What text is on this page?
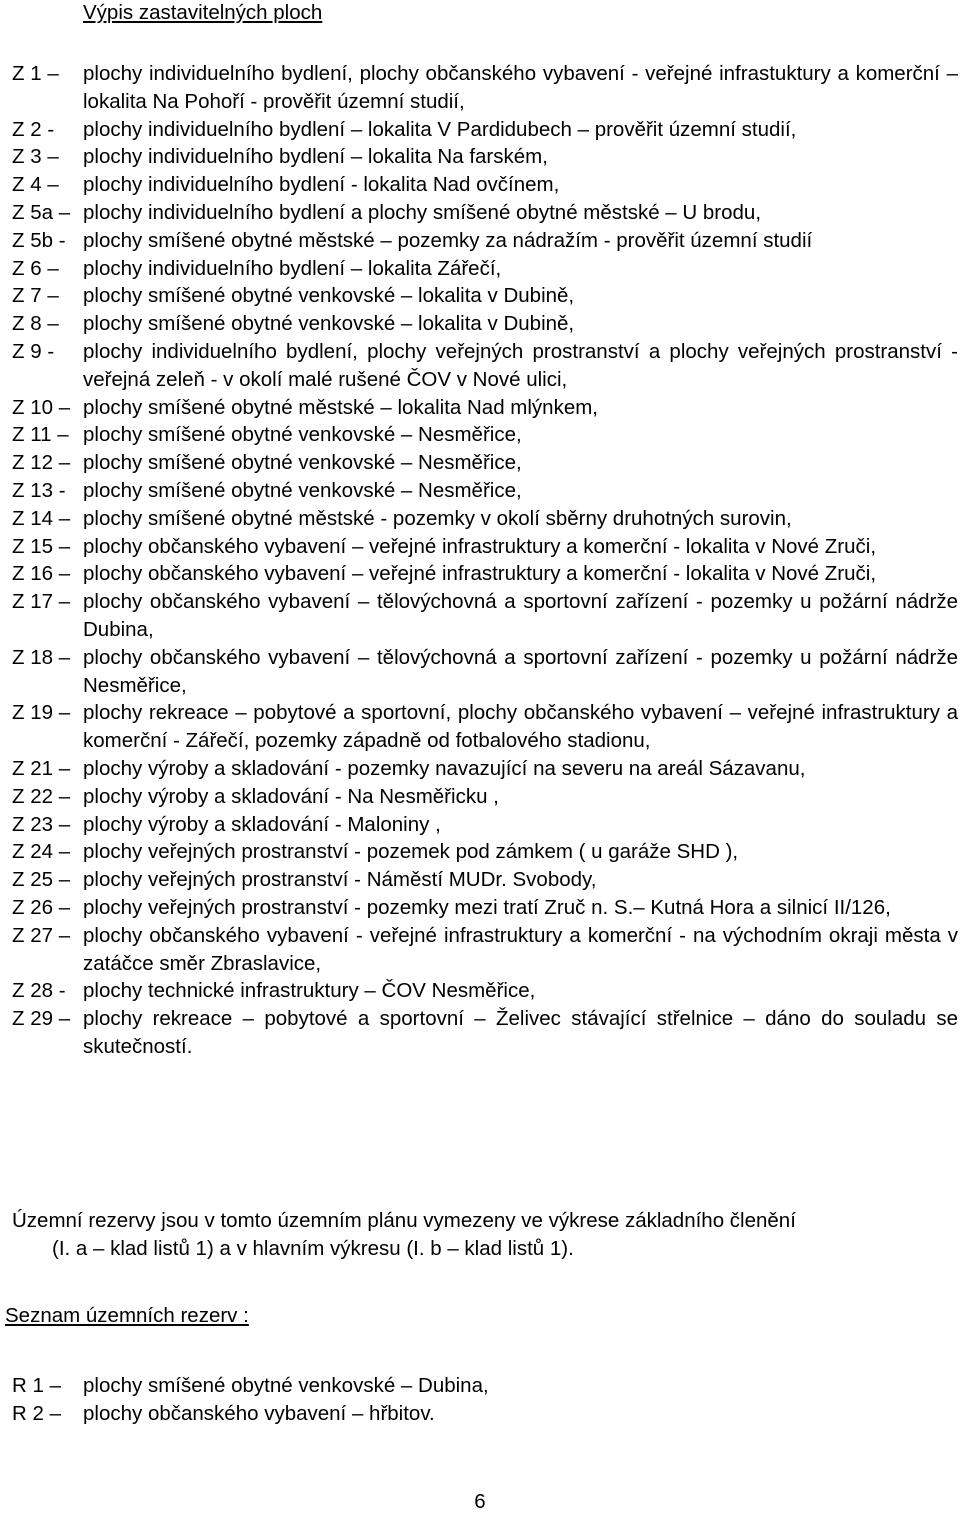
Výpis zastavitelných ploch
Z 1 –	plochy individuelního bydlení, plochy občanského vybavení - veřejné infrastuktury a komerční – lokalita Na Pohoří - prověřit územní studií,
Z 2 -	plochy individuelního bydlení – lokalita V Pardidubech – prověřit územní studií,
Z 3 –	plochy individuelního bydlení – lokalita Na farském,
Z 4 –	plochy individuelního bydlení - lokalita Nad ovčínem,
Z 5a – plochy individuelního bydlení a plochy smíšené obytné městské – U brodu,
Z 5b - plochy smíšené obytné městské – pozemky za nádražím - prověřit územní studií
Z 6 –	plochy individuelního bydlení – lokalita Zářečí,
Z 7 –	plochy smíšené obytné venkovské – lokalita v Dubině,
Z 8 –	plochy smíšené obytné venkovské – lokalita v Dubině,
Z 9 -	plochy individuelního bydlení, plochy veřejných prostranství a plochy veřejných prostranství - veřejná zeleň - v okolí malé rušené ČOV v Nové ulici,
Z 10 – plochy smíšené obytné městské – lokalita Nad mlýnkem,
Z 11 – plochy smíšené obytné venkovské – Nesměřice,
Z 12 – plochy smíšené obytné venkovské – Nesměřice,
Z 13 - plochy smíšené obytné venkovské – Nesměřice,
Z 14 – plochy smíšené obytné městské - pozemky v okolí sběrny druhotných surovin,
Z 15 – plochy občanského vybavení – veřejné infrastruktury a komerční - lokalita v Nové Zruči,
Z 16 – plochy občanského vybavení – veřejné infrastruktury a komerční - lokalita v Nové Zruči,
Z 17 – plochy občanského vybavení – tělovýchovná a sportovní zařízení - pozemky u požární nádrže Dubina,
Z 18 – plochy občanského vybavení – tělovýchovná a sportovní zařízení - pozemky u požární nádrže Nesměřice,
Z 19 – plochy rekreace – pobytové a sportovní, plochy občanského vybavení – veřejné infrastruktury a komerční - Zářečí, pozemky západně od fotbalového stadionu,
Z 21 – plochy výroby a skladování - pozemky navazující na severu na areál Sázavanu,
Z 22 – plochy výroby a skladování - Na Nesměřicku ,
Z 23 – plochy výroby a skladování - Maloniny ,
Z 24 – plochy veřejných prostranství - pozemek pod zámkem ( u garáže SHD ),
Z 25 – plochy veřejných prostranství - Náměstí MUDr. Svobody,
Z 26 – plochy veřejných prostranství - pozemky mezi tratí Zruč n. S.– Kutná Hora a silnicí II/126,
Z 27 – plochy občanského vybavení - veřejné infrastruktury a komerční - na východním okraji města v zatáčce směr Zbraslavice,
Z 28 - plochy technické infrastruktury – ČOV Nesměřice,
Z 29 – plochy rekreace – pobytové a sportovní – Želivec stávající střelnice – dáno do souladu se skutečností.
Územní rezervy jsou v tomto územním plánu vymezeny ve výkrese základního členění
(I. a – klad listů 1) a v hlavním výkresu (I. b – klad listů 1).
Seznam územních rezerv :
R 1 –	plochy smíšené obytné venkovské – Dubina,
R 2 –	plochy občanského vybavení – hřbitov.
6
